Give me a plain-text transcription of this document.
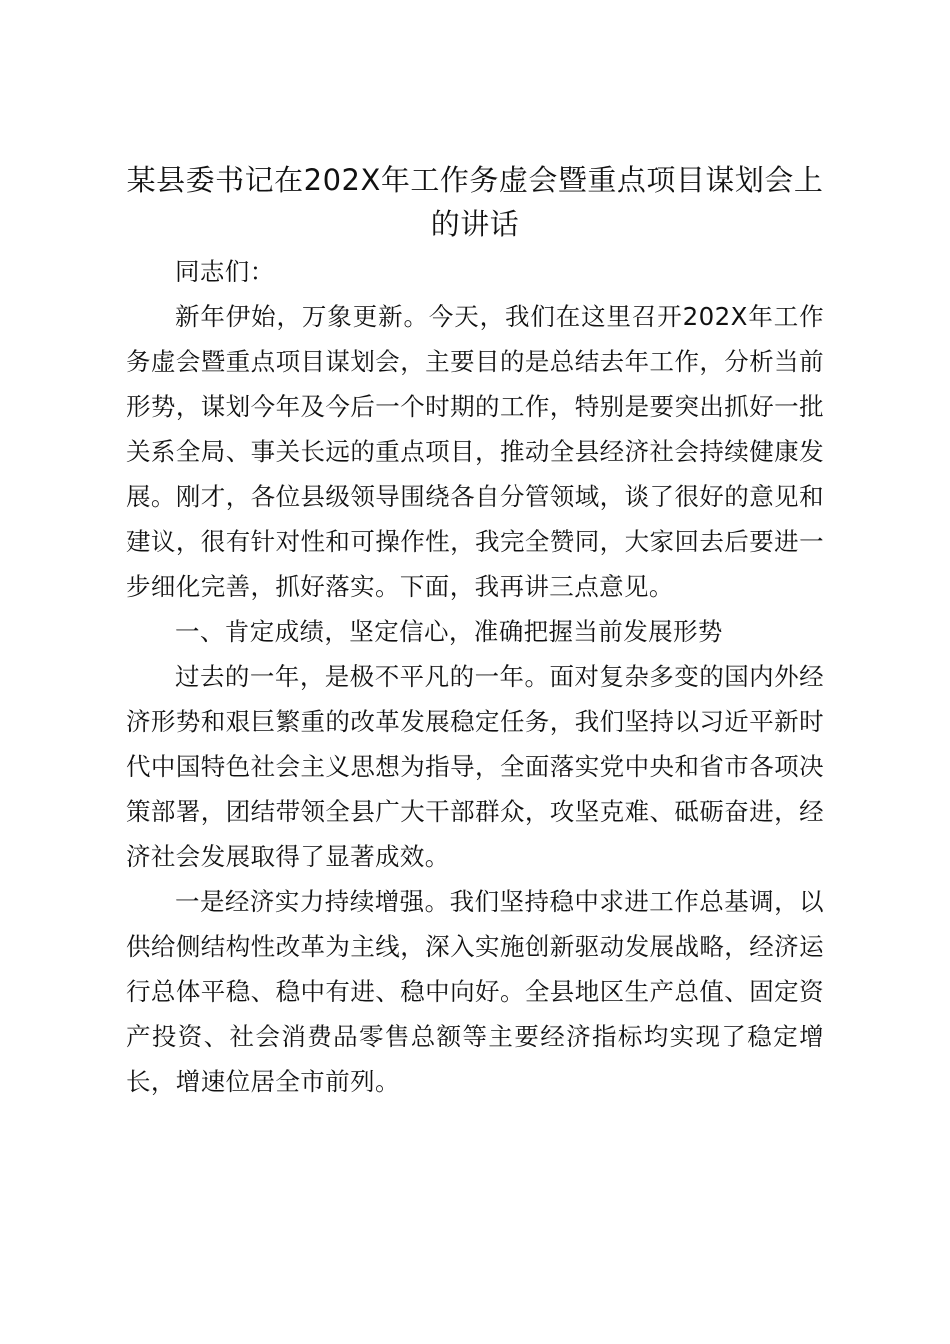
某县委书记在202X年工作务虚会暨重点项目谋划会上
的讲话

同志们：

新年伊始，万象更新。今天，我们在这里召开202X年工作务虚会暨重点项目谋划会，主要目的是总结去年工作，分析当前形势，谋划今年及今后一个时期的工作，特别是要突出抓好一批关系全局、事关长远的重点项目，推动全县经济社会持续健康发展。刚才，各位县级领导围绕各自分管领域，谈了很好的意见和建议，很有针对性和可操作性，我完全赞同，大家回去后要进一步细化完善，抓好落实。下面，我再讲三点意见。

一、肯定成绩，坚定信心，准确把握当前发展形势

过去的一年，是极不平凡的一年。面对复杂多变的国内外经济形势和艰巨繁重的改革发展稳定任务，我们坚持以习近平新时代中国特色社会主义思想为指导，全面落实党中央和省市各项决策部署，团结带领全县广大干部群众，攻坚克难、砥砺奋进，经济社会发展取得了显著成效。

一是经济实力持续增强。我们坚持稳中求进工作总基调，以供给侧结构性改革为主线，深入实施创新驱动发展战略，经济运行总体平稳、稳中有进、稳中向好。全县地区生产总值、固定资产投资、社会消费品零售总额等主要经济指标均实现了稳定增长，增速位居全市前列。
